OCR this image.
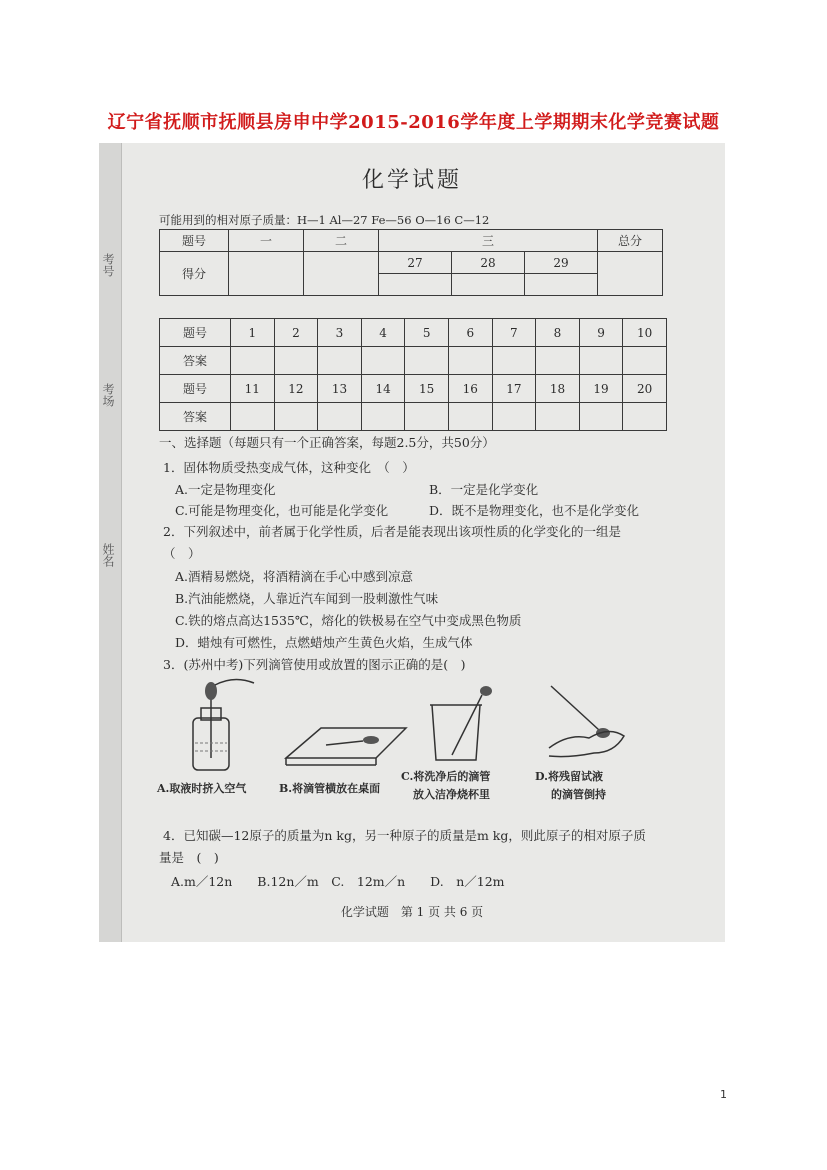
辽宁省抚顺市抚顺县房申中学2015-2016学年度上学期期末化学竞赛试题
考号
考场
姓名
化学试题
可能用到的相对原子质量：H—1 Al—27 Fe—56 O—16 C—12
题号	一	二	三			总分
得分			27	28	29	

题号	1	2	3	4	5	6	7	8	9	10
答案										
题号	11	12	13	14	15	16	17	18	19	20
答案										
一、选择题（每题只有一个正确答案，每题2.5分，共50分）
1．固体物质受热变成气体，这种变化　（　）
A.一定是物理变化	B．一定是化学变化
C.可能是物理变化，也可能是化学变化	D．既不是物理变化，也不是化学变化
2．下列叙述中，前者属于化学性质，后者是能表现出该项性质的化学变化的一组是
（　）
A.酒精易燃烧，将酒精滴在手心中感到凉意
B.汽油能燃烧，人靠近汽车闻到一股刺激性气味
C.铁的熔点高达1535℃，熔化的铁极易在空气中变成黑色物质
D．蜡烛有可燃性，点燃蜡烛产生黄色火焰，生成气体
3．(苏州中考)下列滴管使用或放置的图示正确的是(　)
A.取液时挤入空气	B.将滴管横放在桌面
C.将洗净后的滴管
放入洁净烧杯里
D.将残留试液
的滴管倒持
4．已知碳—12原子的质量为n kg，另一种原子的质量是m kg，则此原子的相对原子质
量是　(　)
A.m／12n　　B.12n／m　C.　12m／n　　D.　n／12m
化学试题　第 1 页 共 6 页
1
